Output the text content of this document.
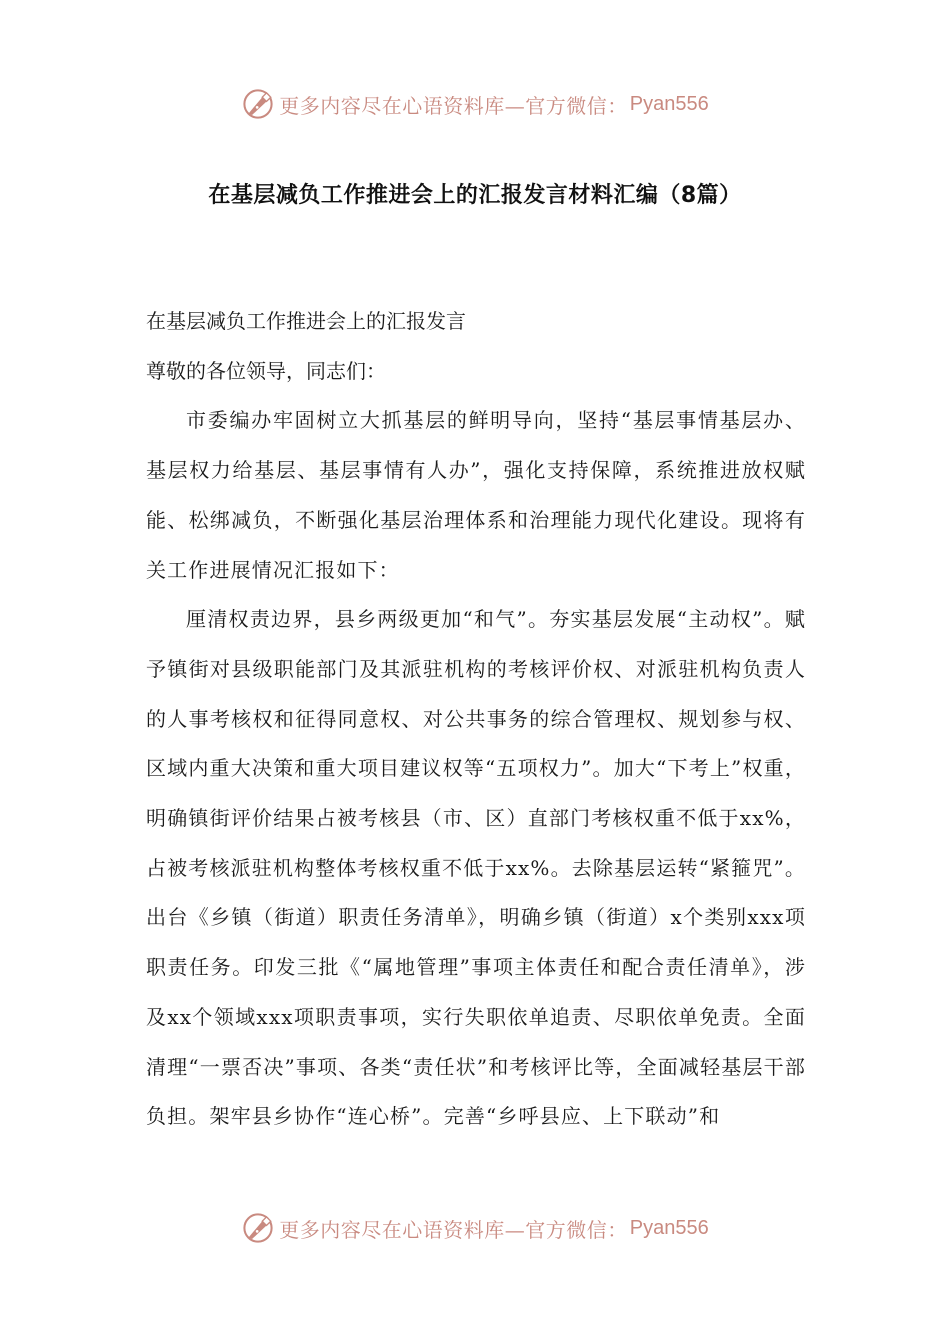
更多内容尽在心语资料库—官方微信： Pyan556
在基层减负工作推进会上的汇报发言材料汇编（8篇）

在基层减负工作推进会上的汇报发言

尊敬的各位领导，同志们：

市委编办牢固树立大抓基层的鲜明导向，坚持“基层事情基层办、基层权力给基层、基层事情有人办”，强化支持保障，系统推进放权赋能、松绑减负，不断强化基层治理体系和治理能力现代化建设。现将有关工作进展情况汇报如下：

厘清权责边界，县乡两级更加“和气”。夯实基层发展“主动权”。赋予镇街对县级职能部门及其派驻机构的考核评价权、对派驻机构负责人的人事考核权和征得同意权、对公共事务的综合管理权、规划参与权、区域内重大决策和重大项目建议权等“五项权力”。加大“下考上”权重，明确镇街评价结果占被考核县（市、区）直部门考核权重不低于xx%，占被考核派驻机构整体考核权重不低于xx%。去除基层运转“紧箍咒”。出台《乡镇（街道）职责任务清单》，明确乡镇（街道）x个类别xxx项职责任务。印发三批《“属地管理”事项主体责任和配合责任清单》，涉及xx个领域xxx项职责事项，实行失职依单追责、尽职依单免责。全面清理“一票否决”事项、各类“责任状”和考核评比等，全面减轻基层干部负担。架牢县乡协作“连心桥”。完善“乡呼县应、上下联动”和

更多内容尽在心语资料库—官方微信： Pyan556
